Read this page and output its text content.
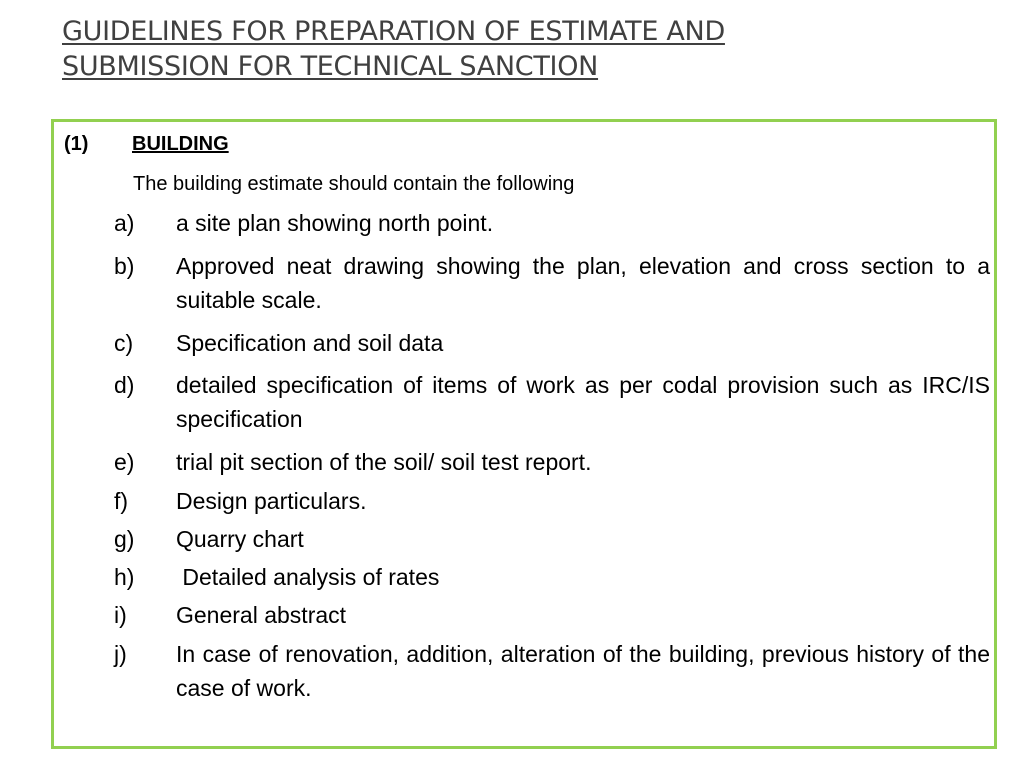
GUIDELINES FOR PREPARATION OF ESTIMATE AND
SUBMISSION FOR TECHNICAL SANCTION
(1) BUILDING
The building estimate should contain the following
a)	a site plan showing north point.
b)	Approved neat drawing showing the plan, elevation and cross section to a suitable scale.
c)	Specification and soil data
d)	detailed specification of items of work as per codal provision such as IRC/IS specification
e)	trial pit section of the soil/ soil test report.
f)	Design particulars.
g)	Quarry chart
h)	Detailed analysis of rates
i)	General abstract
j)	In case of renovation, addition, alteration of the building, previous history of the case of work.
